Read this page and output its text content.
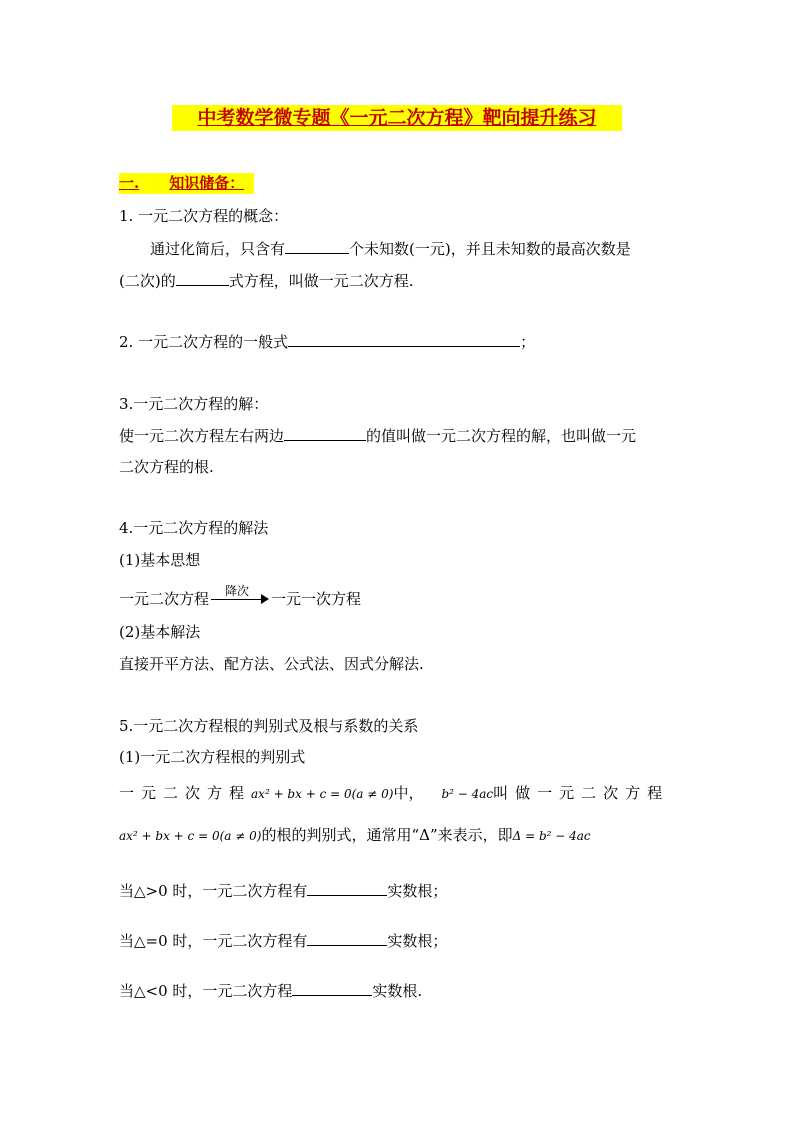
中考数学微专题《一元二次方程》靶向提升练习
一. 知识储备：
1. 一元二次方程的概念：
通过化简后，只含有	个未知数(一元)，并且未知数的最高次数是
(二次)的	式方程，叫做一元二次方程.
2. 一元二次方程的一般式	；
3.一元二次方程的解：
使一元二次方程左右两边	的值叫做一元二次方程的解，也叫做一元
二次方程的根.
4.一元二次方程的解法
(1)基本思想
一元二次方程 降次 一元一次方程
(2)基本解法
直接开平方法、配方法、公式法、因式分解法.
5.一元二次方程根的判别式及根与系数的关系
(1)一元二次方程根的判别式
一元二次方程ax² + bx + c = 0(a ≠ 0)中， b² − 4ac叫做一元二次方程
ax² + bx + c = 0(a ≠ 0)的根的判别式，通常用“Δ”来表示，即Δ = b² − 4ac
当△>0 时，一元二次方程有	实数根；
当△=0 时，一元二次方程有	实数根；
当△<0 时，一元二次方程	实数根.
